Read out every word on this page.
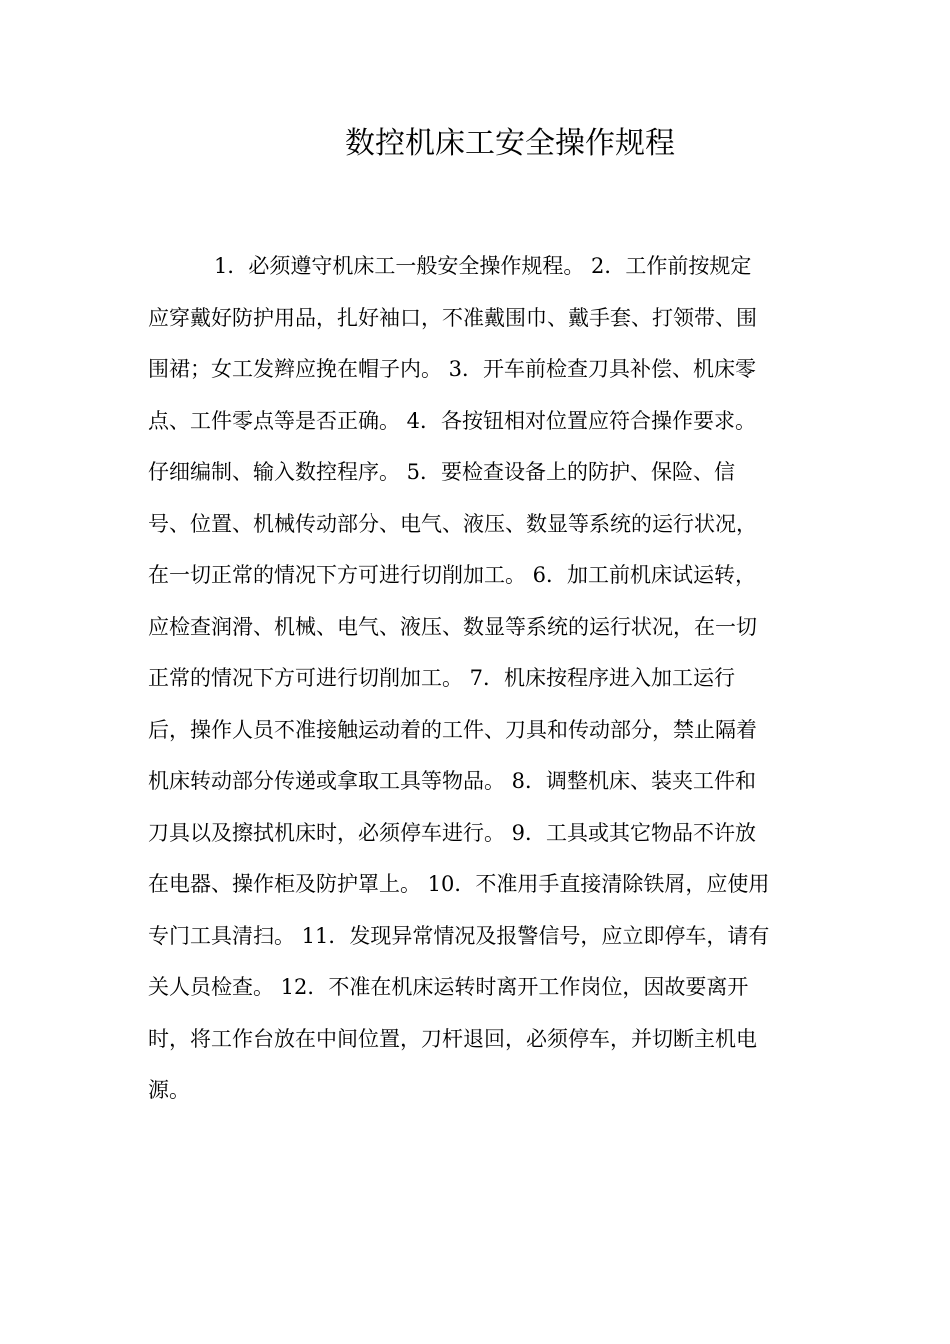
数控机床工安全操作规程
1．必须遵守机床工一般安全操作规程。 2．工作前按规定
应穿戴好防护用品，扎好袖口，不准戴围巾、戴手套、打领带、围
围裙；女工发辫应挽在帽子内。 3．开车前检查刀具补偿、机床零
点、工件零点等是否正确。 4．各按钮相对位置应符合操作要求。
仔细编制、输入数控程序。 5．要检查设备上的防护、保险、信
号、位置、机械传动部分、电气、液压、数显等系统的运行状况，
在一切正常的情况下方可进行切削加工。 6．加工前机床试运转，
应检查润滑、机械、电气、液压、数显等系统的运行状况，在一切
正常的情况下方可进行切削加工。 7．机床按程序进入加工运行
后，操作人员不准接触运动着的工件、刀具和传动部分，禁止隔着
机床转动部分传递或拿取工具等物品。 8．调整机床、装夹工件和
刀具以及擦拭机床时，必须停车进行。 9．工具或其它物品不许放
在电器、操作柜及防护罩上。 10．不准用手直接清除铁屑，应使用
专门工具清扫。 11．发现异常情况及报警信号，应立即停车，请有
关人员检查。 12．不准在机床运转时离开工作岗位，因故要离开
时，将工作台放在中间位置，刀杆退回，必须停车，并切断主机电
源。
